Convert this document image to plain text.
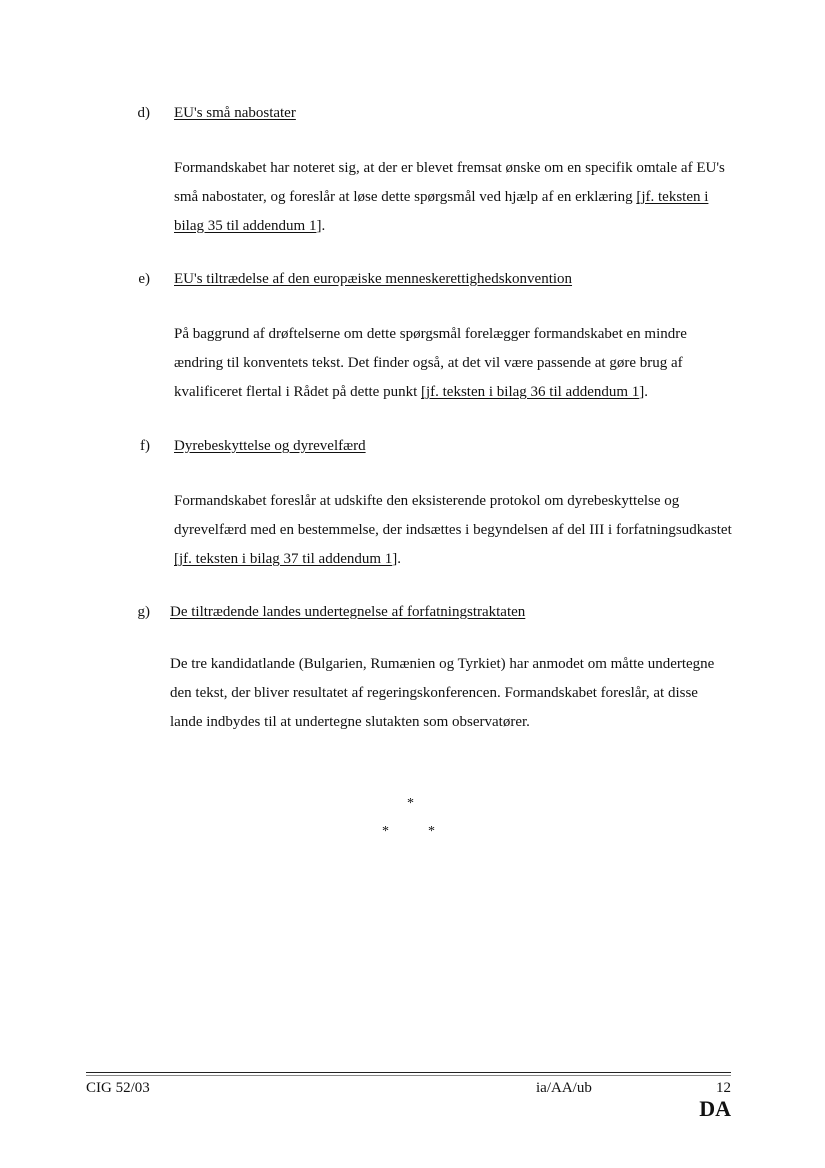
d) EU's små nabostater
Formandskabet har noteret sig, at der er blevet fremsat ønske om en specifik omtale af EU's små nabostater, og foreslår at løse dette spørgsmål ved hjælp af en erklæring [jf. teksten i bilag 35 til addendum 1].
e) EU's tiltrædelse af den europæiske menneskerettighedskonvention
På baggrund af drøftelserne om dette spørgsmål forelægger formandskabet en mindre ændring til konventets tekst. Det finder også, at det vil være passende at gøre brug af kvalificeret flertal i Rådet på dette punkt [jf. teksten i bilag 36 til addendum 1].
f) Dyrebeskyttelse og dyrevelfærd
Formandskabet foreslår at udskifte den eksisterende protokol om dyrebeskyttelse og dyrevelfærd med en bestemmelse, der indsættes i begyndelsen af del III i forfatningsudkastet [jf. teksten i bilag 37 til addendum 1].
g) De tiltrædende landes undertegnelse af forfatningstraktaten
De tre kandidatlande (Bulgarien, Rumænien og Tyrkiet) har anmodet om måtte undertegne den tekst, der bliver resultatet af regeringskonferencen. Formandskabet foreslår, at disse lande indbydes til at undertegne slutakten som observatører.
*
*	*
CIG 52/03	ia/AA/ub	12
DA
